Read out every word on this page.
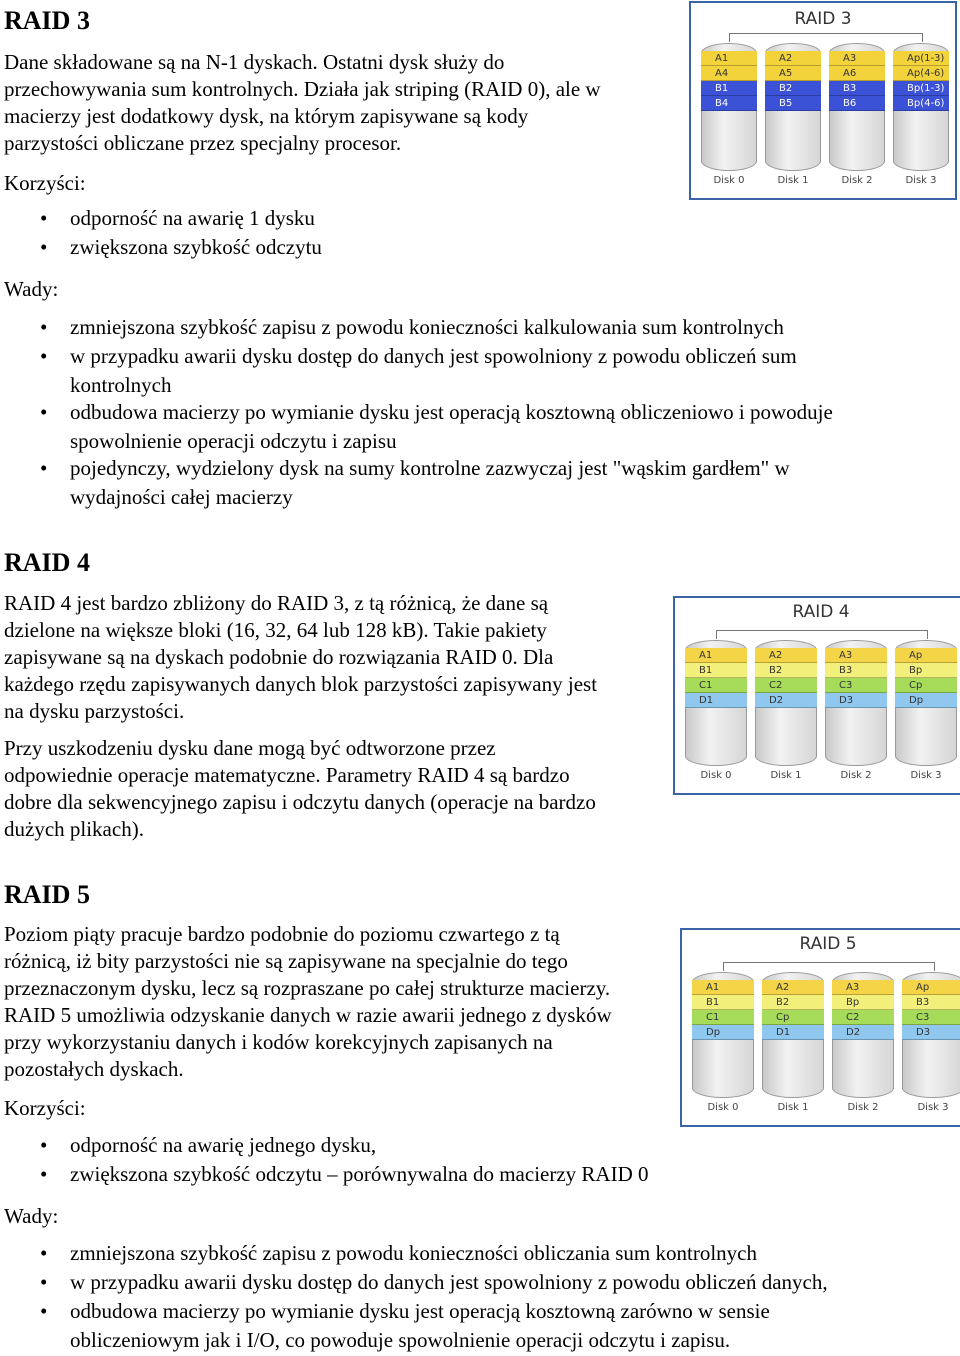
RAID 3

Dane składowane są na N-1 dyskach. Ostatni dysk służy do
przechowywania sum kontrolnych. Działa jak striping (RAID 0), ale w
macierzy jest dodatkowy dysk, na którym zapisywane są kody
parzystości obliczane przez specjalny procesor.

Korzyści:
• odporność na awarię 1 dysku
• zwiększona szybkość odczytu
Wady:
• zmniejszona szybkość zapisu z powodu konieczności kalkulowania sum kontrolnych
• w przypadku awarii dysku dostęp do danych jest spowolniony z powodu obliczeń sum
kontrolnych
• odbudowa macierzy po wymianie dysku jest operacją kosztowną obliczeniowo i powoduje
spowolnienie operacji odczytu i zapisu
• pojedynczy, wydzielony dysk na sumy kontrolne zazwyczaj jest "wąskim gardłem" w
wydajności całej macierzy
RAID 3
A1
A4
B1
B4
Disk 0
A2
A5
B2
B5
Disk 1
A3
A6
B3
B6
Disk 2
Ap(1-3)
Ap(4-6)
Bp(1-3)
Bp(4-6)
Disk 3
RAID 4

RAID 4 jest bardzo zbliżony do RAID 3, z tą różnicą, że dane są
dzielone na większe bloki (16, 32, 64 lub 128 kB). Takie pakiety
zapisywane są na dyskach podobnie do rozwiązania RAID 0. Dla
każdego rzędu zapisywanych danych blok parzystości zapisywany jest
na dysku parzystości.

Przy uszkodzeniu dysku dane mogą być odtworzone przez
odpowiednie operacje matematyczne. Parametry RAID 4 są bardzo
dobre dla sekwencyjnego zapisu i odczytu danych (operacje na bardzo
dużych plikach).

RAID 4
A1
B1
C1
D1
Disk 0
A2
B2
C2
D2
Disk 1
A3
B3
C3
D3
Disk 2
Ap
Bp
Cp
Dp
Disk 3
RAID 5

Poziom piąty pracuje bardzo podobnie do poziomu czwartego z tą
różnicą, iż bity parzystości nie są zapisywane na specjalnie do tego
przeznaczonym dysku, lecz są rozpraszane po całej strukturze macierzy.
RAID 5 umożliwia odzyskanie danych w razie awarii jednego z dysków
przy wykorzystaniu danych i kodów korekcyjnych zapisanych na
pozostałych dyskach.

Korzyści:
• odporność na awarię jednego dysku,
• zwiększona szybkość odczytu – porównywalna do macierzy RAID 0
Wady:
• zmniejszona szybkość zapisu z powodu konieczności obliczania sum kontrolnych
• w przypadku awarii dysku dostęp do danych jest spowolniony z powodu obliczeń danych,
• odbudowa macierzy po wymianie dysku jest operacją kosztowną zarówno w sensie
obliczeniowym jak i I/O, co powoduje spowolnienie operacji odczytu i zapisu.
RAID 5
A1
B1
C1
Dp
Disk 0
A2
B2
Cp
D1
Disk 1
A3
Bp
C2
D2
Disk 2
Ap
B3
C3
D3
Disk 3
